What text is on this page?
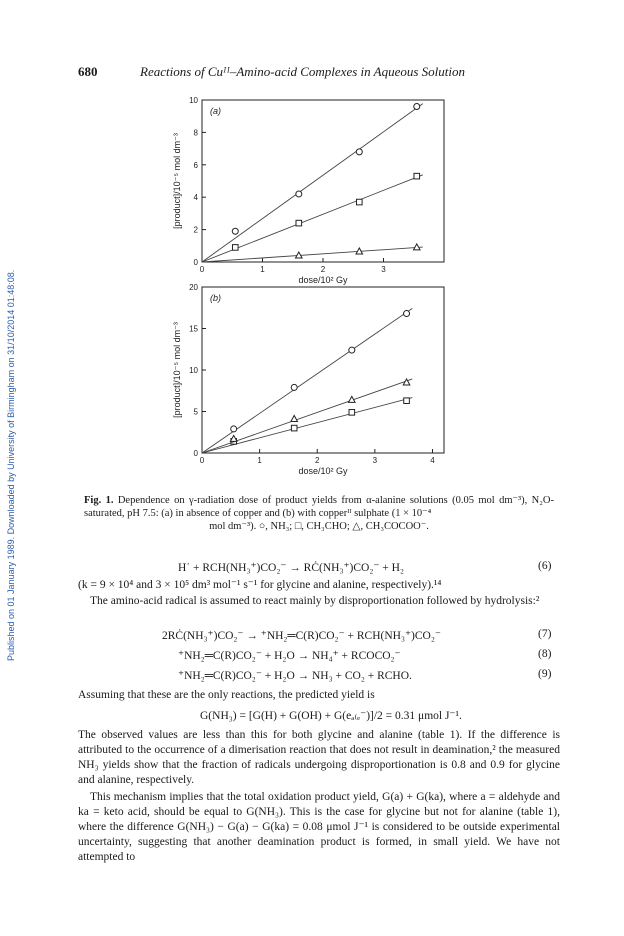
Published on 01 January 1989. Downloaded by University of Birmingham on 31/10/2014 01:48:08.
680	Reactions of Cuᴵᴵ–Amino-acid Complexes in Aqueous Solution
0
2
4
6
8
10
0	1	2	3
(a)
dose/10² Gy
[product]/10⁻⁵ mol dm⁻³
0
5
10
15
20
0	1	2	3	4
(b)
dose/10² Gy
[product]/10⁻⁵ mol dm⁻³
Fig. 1. Dependence on γ-radiation dose of product yields from α-alanine solutions (0.05 mol dm⁻³), N₂O-saturated, pH 7.5: (a) in absence of copper and (b) with copperᴵᴵ sulphate (1 × 10⁻⁴
mol dm⁻³). ○, NH₃; □, CH₃CHO; △, CH₃COCOO⁻.
H˙ + RCH(NH₃⁺)CO₂⁻ → RĊ(NH₃⁺)CO₂⁻ + H₂	(6)
(k = 9 × 10⁴ and 3 × 10⁵ dm³ mol⁻¹ s⁻¹ for glycine and alanine, respectively).¹⁴
The amino-acid radical is assumed to react mainly by disproportionation followed by hydrolysis:²
2RĊ(NH₃⁺)CO₂⁻ → ⁺NH₂═C(R)CO₂⁻ + RCH(NH₃⁺)CO₂⁻	(7)
⁺NH₂═C(R)CO₂⁻ + H₂O → NH₄⁺ + RCOCO₂⁻	(8)
⁺NH₂═C(R)CO₂⁻ + H₂O → NH₃ + CO₂ + RCHO.	(9)
Assuming that these are the only reactions, the predicted yield is
G(NH₃) = [G(H) + G(OH) + G(eₐ₍ₑ⁻)]/2 = 0.31 μmol J⁻¹.
The observed values are less than this for both glycine and alanine (table 1). If the difference is attributed to the occurrence of a dimerisation reaction that does not result in deamination,² the measured NH₃ yields show that the fraction of radicals undergoing disproportionation is 0.8 and 0.9 for glycine and alanine, respectively.
This mechanism implies that the total oxidation product yield, G(a) + G(ka), where a = aldehyde and ka = keto acid, should be equal to G(NH₃). This is the case for glycine but not for alanine (table 1), where the difference G(NH₃) − G(a) − G(ka) = 0.08 μmol J⁻¹ is considered to be outside experimental uncertainty, suggesting that another deamination product is formed, in small yield. We have not attempted to
